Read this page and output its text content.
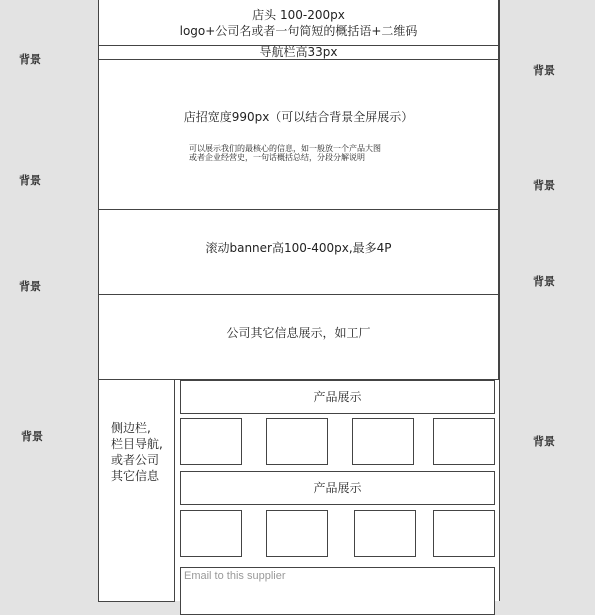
背景
背景
背景
背景
背景
背景
背景
背景
店头 100-200px
logo+公司名或者一句简短的概括语+二维码
导航栏高33px
店招宽度990px（可以结合背景全屏展示）
可以展示我们的最核心的信息，如一般放一个产品大图
或者企业经营史，一句话概括总结，分段分解说明
滚动banner高100-400px,最多4P
公司其它信息展示，如工厂
侧边栏,
栏目导航,
或者公司
其它信息
产品展示
产品展示
Email to this supplier
